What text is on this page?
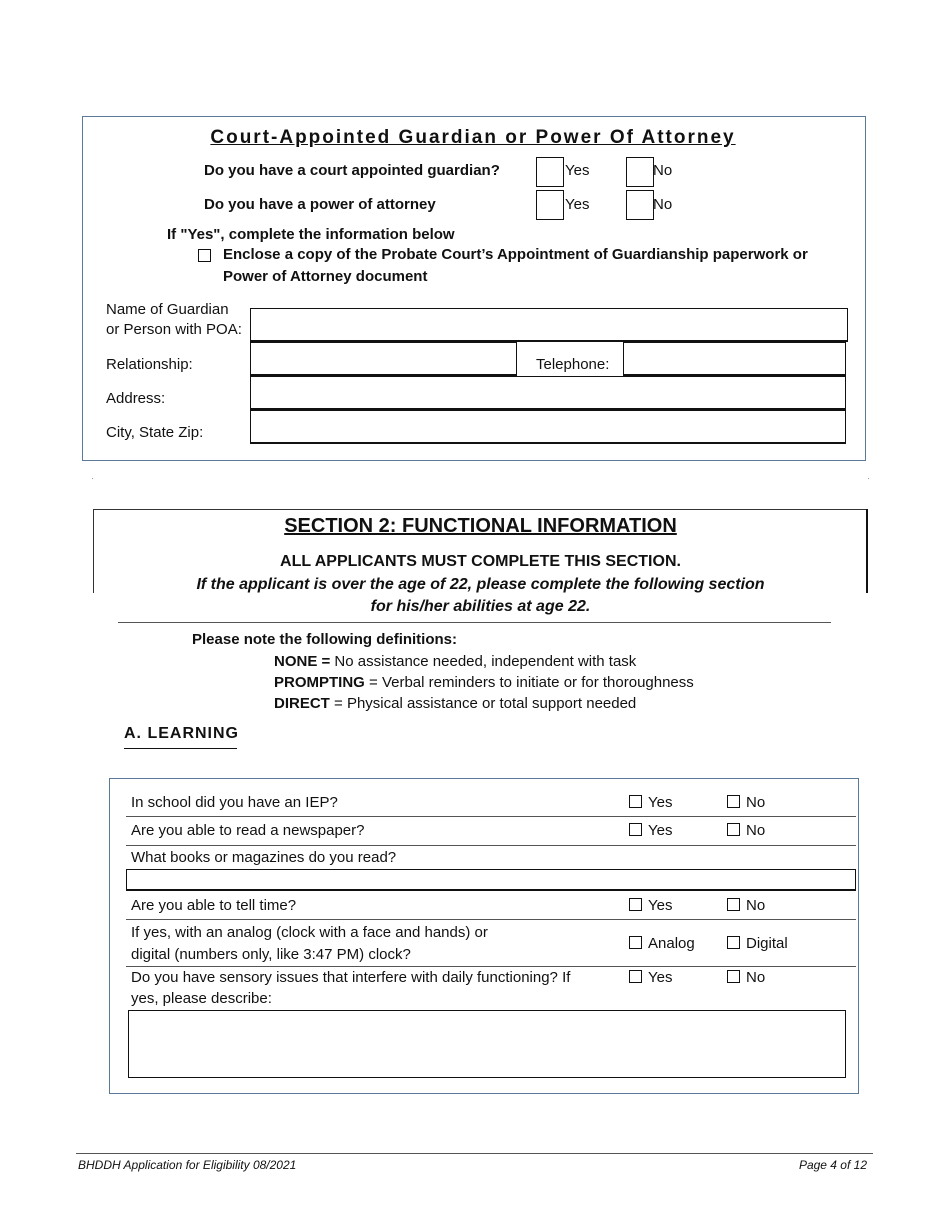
Court-Appointed Guardian or Power Of Attorney
Do you have a court appointed guardian?	Yes	No
Do you have a power of attorney	Yes	No
If "Yes", complete the information below
Enclose a copy of the Probate Court’s Appointment of Guardianship paperwork or
Power of Attorney document
Name of Guardian
or Person with POA:
Relationship:	Telephone:
Address:
City, State Zip:
SECTION 2: FUNCTIONAL INFORMATION
ALL APPLICANTS MUST COMPLETE THIS SECTION.
If the applicant is over the age of 22, please complete the following section
for his/her abilities at age 22.
Please note the following definitions:
NONE = No assistance needed, independent with task
PROMPTING = Verbal reminders to initiate or for thoroughness
DIRECT = Physical assistance or total support needed
A. LEARNING
In school did you have an IEP?	Yes	No
Are you able to read a newspaper?	Yes	No
What books or magazines do you read?
Are you able to tell time?	Yes	No
If yes, with an analog (clock with a face and hands) or
digital (numbers only, like 3:47 PM) clock?
Analog	Digital
Do you have sensory issues that interfere with daily functioning? If
yes, please describe:
Yes	No
BHDDH Application for Eligibility 08/2021	Page 4 of 12
